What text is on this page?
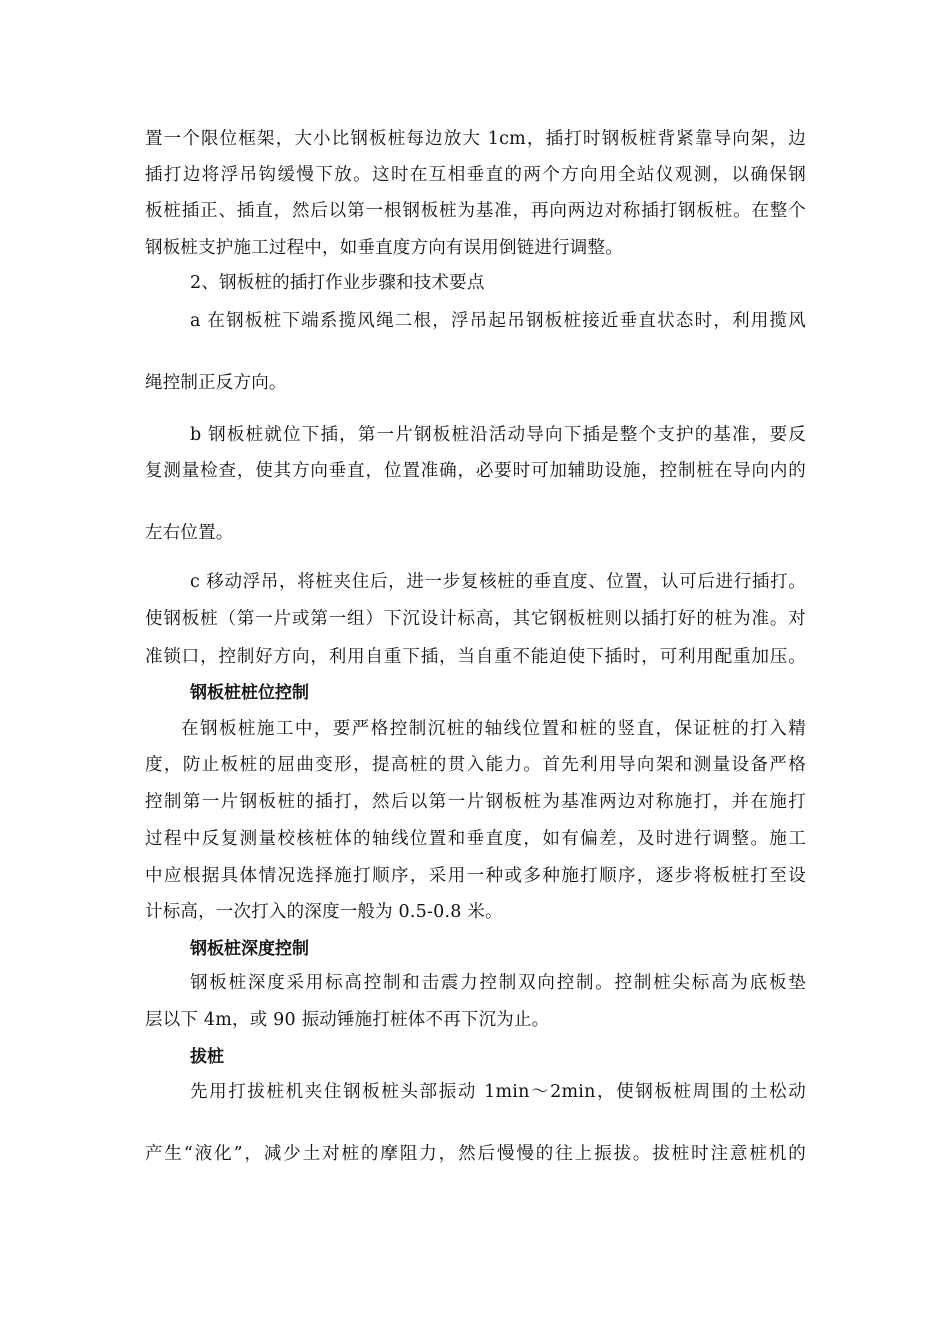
置一个限位框架，大小比钢板桩每边放大 1cm，插打时钢板桩背紧靠导向架，边
插打边将浮吊钩缓慢下放。这时在互相垂直的两个方向用全站仪观测，以确保钢
板桩插正、插直，然后以第一根钢板桩为基准，再向两边对称插打钢板桩。在整个
钢板桩支护施工过程中，如垂直度方向有误用倒链进行调整。
2、钢板桩的插打作业步骤和技术要点
a 在钢板桩下端系揽风绳二根，浮吊起吊钢板桩接近垂直状态时，利用揽风
绳控制正反方向。
b 钢板桩就位下插，第一片钢板桩沿活动导向下插是整个支护的基准，要反
复测量检查，使其方向垂直，位置准确，必要时可加辅助设施，控制桩在导向内的
左右位置。
c 移动浮吊，将桩夹住后，进一步复核桩的垂直度、位置，认可后进行插打。
使钢板桩（第一片或第一组）下沉设计标高，其它钢板桩则以插打好的桩为准。对
准锁口，控制好方向，利用自重下插，当自重不能迫使下插时，可利用配重加压。
钢板桩桩位控制
在钢板桩施工中，要严格控制沉桩的轴线位置和桩的竖直，保证桩的打入精
度，防止板桩的屈曲变形，提高桩的贯入能力。首先利用导向架和测量设备严格
控制第一片钢板桩的插打，然后以第一片钢板桩为基准两边对称施打，并在施打
过程中反复测量校核桩体的轴线位置和垂直度，如有偏差，及时进行调整。施工
中应根据具体情况选择施打顺序，采用一种或多种施打顺序，逐步将板桩打至设
计标高，一次打入的深度一般为 0.5-0.8 米。
钢板桩深度控制
钢板桩深度采用标高控制和击震力控制双向控制。控制桩尖标高为底板垫
层以下 4m，或 90 振动锤施打桩体不再下沉为止。
拔桩
先用打拔桩机夹住钢板桩头部振动 1min～2min，使钢板桩周围的土松动
产生“液化”，减少土对桩的摩阻力，然后慢慢的往上振拔。拔桩时注意桩机的
